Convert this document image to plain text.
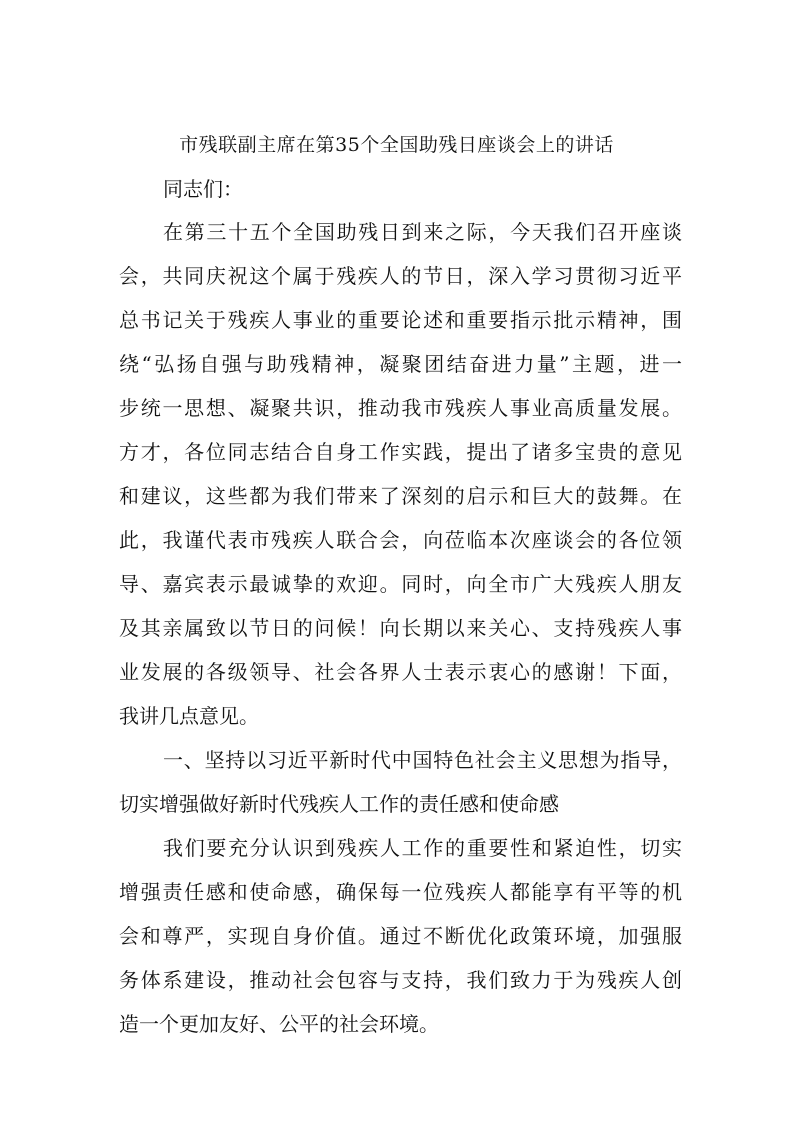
市残联副主席在第35个全国助残日座谈会上的讲话
同志们：
在第三十五个全国助残日到来之际，今天我们召开座谈
会，共同庆祝这个属于残疾人的节日，深入学习贯彻习近平
总书记关于残疾人事业的重要论述和重要指示批示精神，围
绕“弘扬自强与助残精神，凝聚团结奋进力量”主题，进一
步统一思想、凝聚共识，推动我市残疾人事业高质量发展。
方才，各位同志结合自身工作实践，提出了诸多宝贵的意见
和建议，这些都为我们带来了深刻的启示和巨大的鼓舞。在
此，我谨代表市残疾人联合会，向莅临本次座谈会的各位领
导、嘉宾表示最诚挚的欢迎。同时，向全市广大残疾人朋友
及其亲属致以节日的问候！向长期以来关心、支持残疾人事
业发展的各级领导、社会各界人士表示衷心的感谢！下面，
我讲几点意见。
一、坚持以习近平新时代中国特色社会主义思想为指导，
切实增强做好新时代残疾人工作的责任感和使命感
我们要充分认识到残疾人工作的重要性和紧迫性，切实
增强责任感和使命感，确保每一位残疾人都能享有平等的机
会和尊严，实现自身价值。通过不断优化政策环境，加强服
务体系建设，推动社会包容与支持，我们致力于为残疾人创
造一个更加友好、公平的社会环境。
